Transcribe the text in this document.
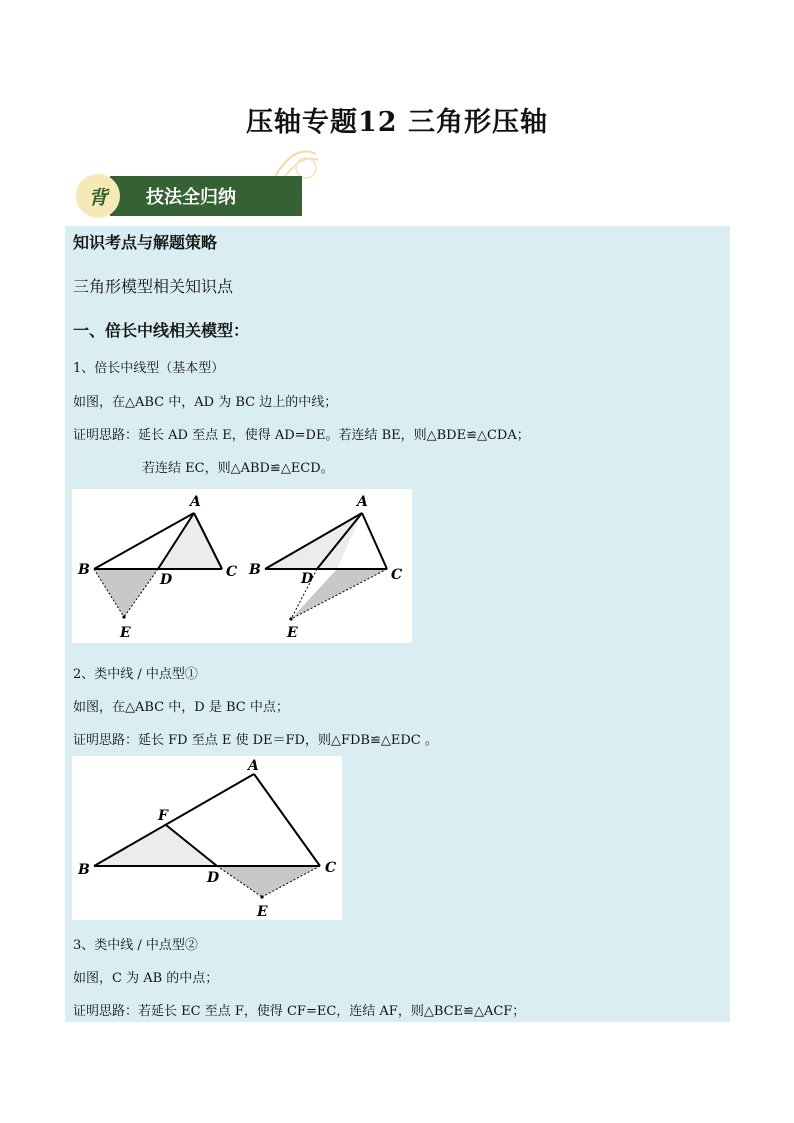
压轴专题12 三角形压轴
背	技法全归纳
知识考点与解题策略
三角形模型相关知识点
一、倍长中线相关模型：
1、倍长中线型（基本型）
如图，在△ABC 中，AD 为 BC 边上的中线；
证明思路：延长 AD 至点 E，使得 AD=DE。若连结 BE，则△BDE≌△CDA；
若连结 EC，则△ABD≌△ECD。
A
B	C
D
E
A
B	C
D
E
2、类中线 / 中点型①
如图，在△ABC 中，D 是 BC 中点；
证明思路：延长 FD 至点 E 使 DE＝FD，则△FDB≌△EDC 。
A
B	C
D
F
E
3、类中线 / 中点型②
如图，C 为 AB 的中点；
证明思路：若延长 EC 至点 F，使得 CF=EC，连结 AF，则△BCE≌△ACF；
